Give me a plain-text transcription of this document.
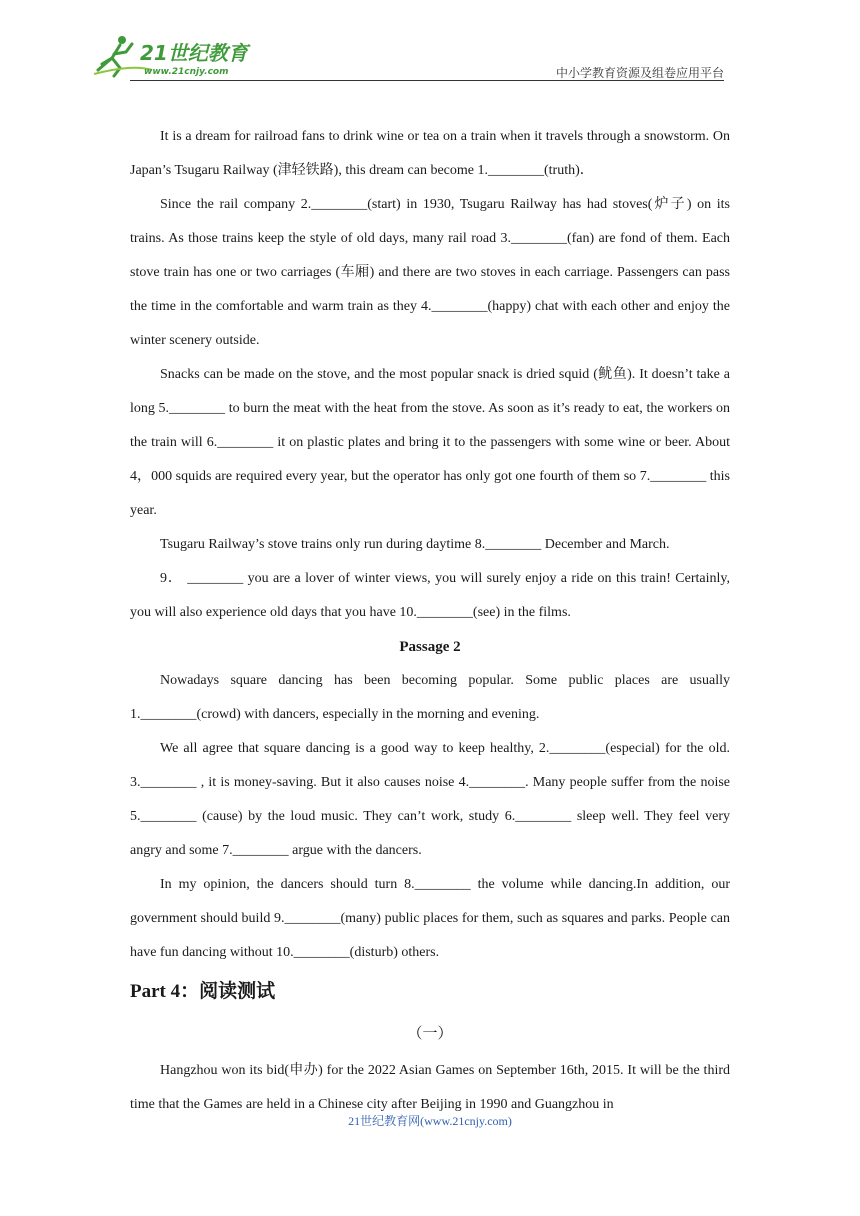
21世纪教育
www.21cnjy.com	中小学教育资源及组卷应用平台

It is a dream for railroad fans to drink wine or tea on a train when it travels through a snowstorm. On Japan’s Tsugaru Railway (津轻铁路), this dream can become 1.________(truth)．

Since the rail company 2.________(start) in 1930, Tsugaru Railway has had stoves(炉子) on its trains. As those trains keep the style of old days, many rail road 3.________(fan) are fond of them. Each stove train has one or two carriages (车厢) and there are two stoves in each carriage. Passengers can pass the time in the comfortable and warm train as they 4.________(happy) chat with each other and enjoy the winter scenery outside.

Snacks can be made on the stove, and the most popular snack is dried squid (鱿鱼). It doesn’t take a long 5.________ to burn the meat with the heat from the stove. As soon as it’s ready to eat, the workers on the train will 6.________ it on plastic plates and bring it to the passengers with some wine or beer. About 4，000 squids are required every year, but the operator has only got one fourth of them so 7.________ this year.

Tsugaru Railway’s stove trains only run during daytime 8.________ December and March.

9． ________ you are a lover of winter views, you will surely enjoy a ride on this train! Certainly, you will also experience old days that you have 10.________(see) in the films.

Passage 2

Nowadays square dancing has been becoming popular. Some public places are usually 1.________(crowd) with dancers, especially in the morning and evening.

We all agree that square dancing is a good way to keep healthy, 2.________(especial) for the old. 3.________ , it is money-saving. But it also causes noise 4.________. Many people suffer from the noise 5.________ (cause) by the loud music. They can’t work, study 6.________ sleep well. They feel very angry and some 7.________ argue with the dancers.

In my opinion, the dancers should turn 8.________ the volume while dancing.In addition, our government should build 9.________(many) public places for them, such as squares and parks. People can have fun dancing without 10.________(disturb) others.

Part 4：阅读测试

（一）

Hangzhou won its bid(申办) for the 2022 Asian Games on September 16th, 2015. It will be the third time that the Games are held in a Chinese city after Beijing in 1990 and Guangzhou in

21世纪教育网(www.21cnjy.com)
